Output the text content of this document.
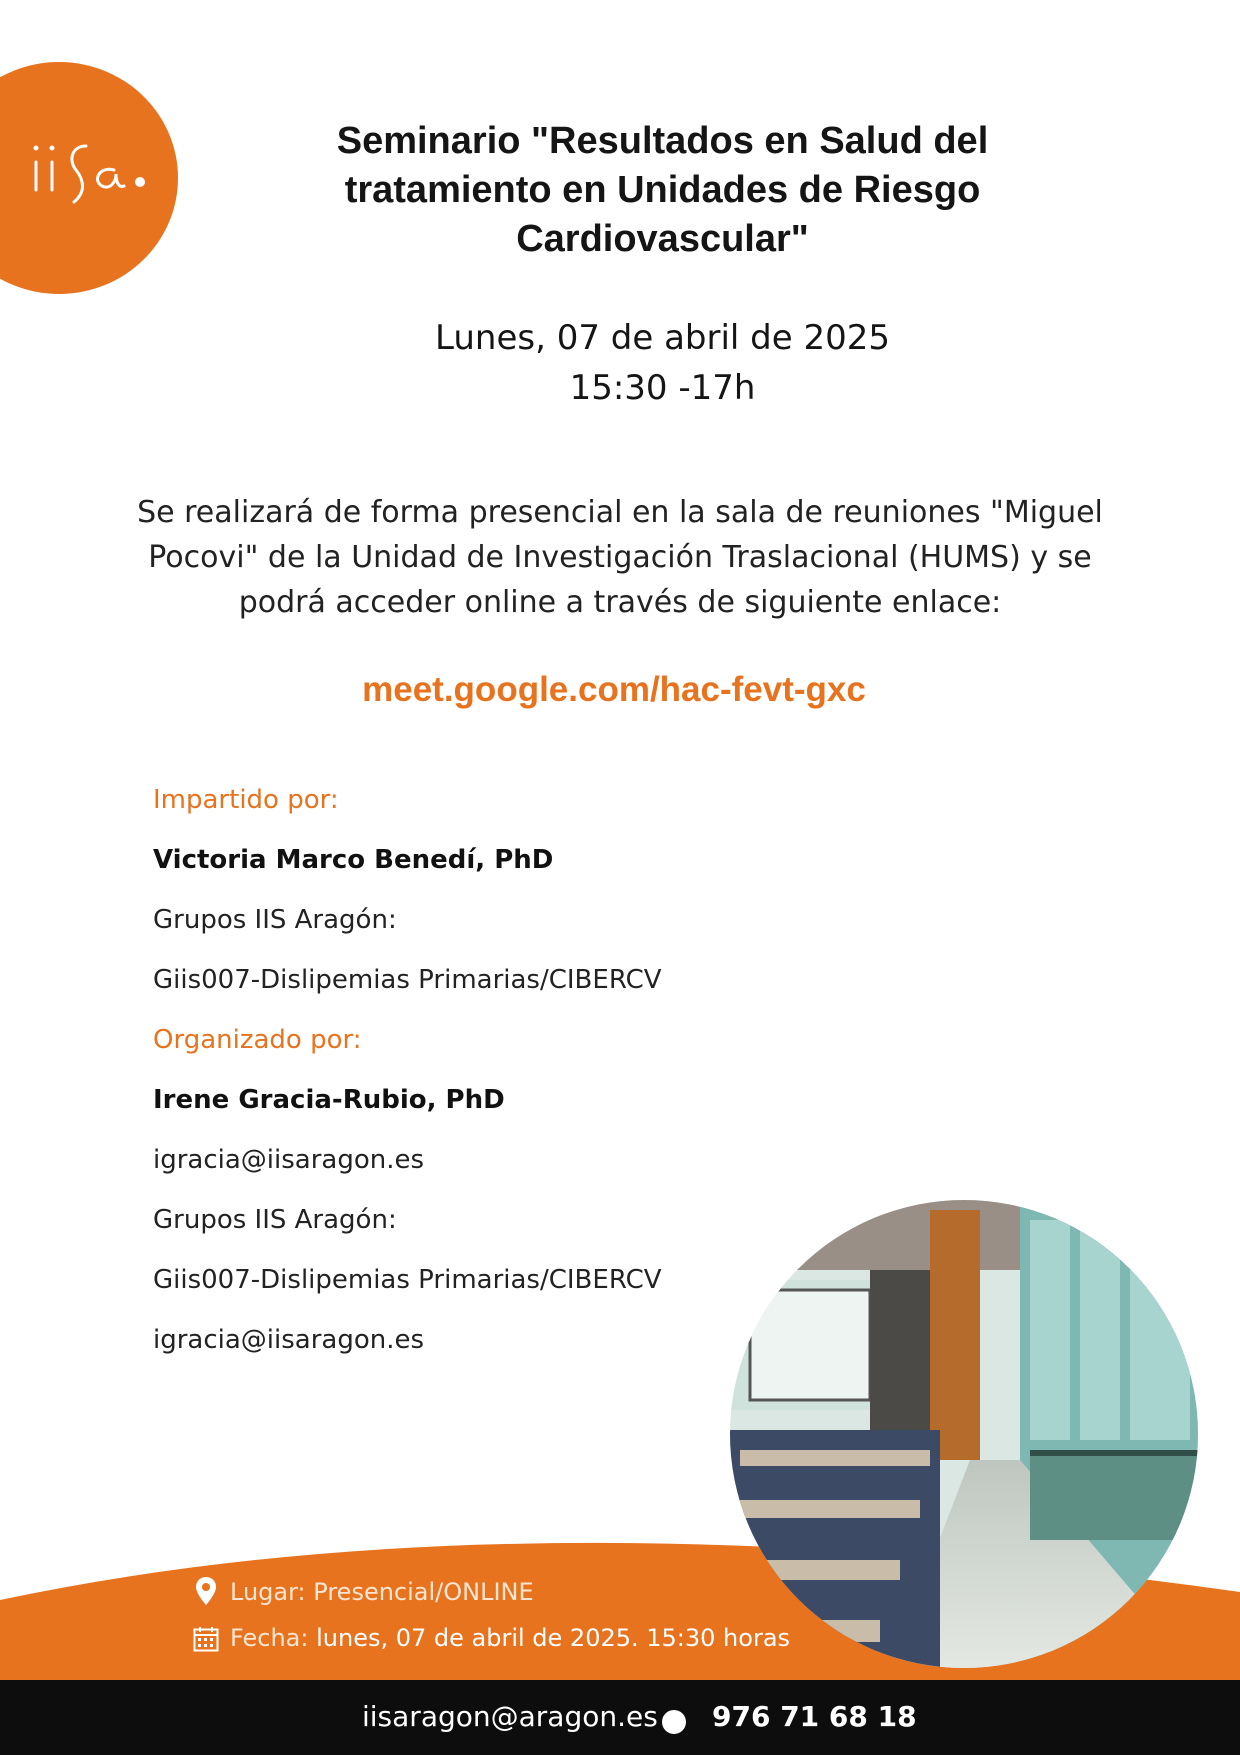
Seminario "Resultados en Salud del tratamiento en Unidades de Riesgo Cardiovascular"
Lunes, 07 de abril de 2025
15:30 -17h
Se realizará de forma presencial en la sala de reuniones "Miguel Pocovi" de la Unidad de Investigación Traslacional (HUMS) y se podrá acceder online a través de siguiente enlace:
meet.google.com/hac-fevt-gxc
Impartido por:
Victoria Marco Benedí, PhD
Grupos IIS Aragón:
Giis007-Dislipemias Primarias/CIBERCV
Organizado por:
Irene Gracia-Rubio, PhD
igracia@iisaragon.es
Grupos IIS Aragón:
Giis007-Dislipemias Primarias/CIBERCV
igracia@iisaragon.es
Lugar: Presencial/ONLINE
Fecha: lunes, 07 de abril de 2025. 15:30 horas
iisaragon@aragon.es 976 71 68 18
